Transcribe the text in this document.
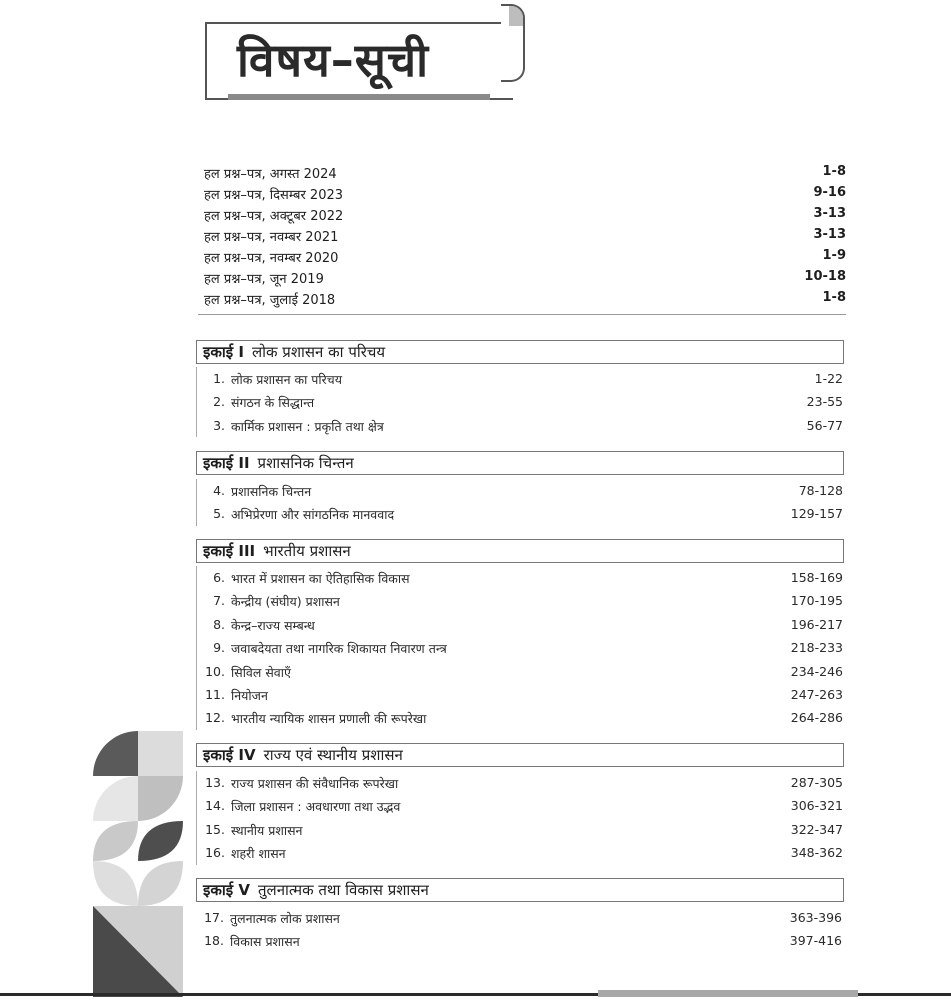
विषय–सूची
हल प्रश्न–पत्र, अगस्त 2024	1-8
हल प्रश्न–पत्र, दिसम्बर 2023	9-16
हल प्रश्न–पत्र, अक्टूबर 2022	3-13
हल प्रश्न–पत्र, नवम्बर 2021	3-13
हल प्रश्न–पत्र, नवम्बर 2020	1-9
हल प्रश्न–पत्र, जून 2019	10-18
हल प्रश्न–पत्र, जुलाई 2018	1-8
इकाई I लोक प्रशासन का परिचय
1. लोक प्रशासन का परिचय	1-22
2. संगठन के सिद्धान्त	23-55
3. कार्मिक प्रशासन : प्रकृति तथा क्षेत्र	56-77
इकाई II प्रशासनिक चिन्तन
4. प्रशासनिक चिन्तन	78-128
5. अभिप्रेरणा और सांगठनिक मानववाद	129-157
इकाई III भारतीय प्रशासन
6. भारत में प्रशासन का ऐतिहासिक विकास	158-169
7. केन्द्रीय (संघीय) प्रशासन	170-195
8. केन्द्र–राज्य सम्बन्ध	196-217
9. जवाबदेयता तथा नागरिक शिकायत निवारण तन्त्र	218-233
10. सिविल सेवाएँ	234-246
11. नियोजन	247-263
12. भारतीय न्यायिक शासन प्रणाली की रूपरेखा	264-286
इकाई IV राज्य एवं स्थानीय प्रशासन
13. राज्य प्रशासन की संवैधानिक रूपरेखा	287-305
14. जिला प्रशासन : अवधारणा तथा उद्भव	306-321
15. स्थानीय प्रशासन	322-347
16. शहरी शासन	348-362
इकाई V तुलनात्मक तथा विकास प्रशासन
17. तुलनात्मक लोक प्रशासन	363-396
18. विकास प्रशासन	397-416
